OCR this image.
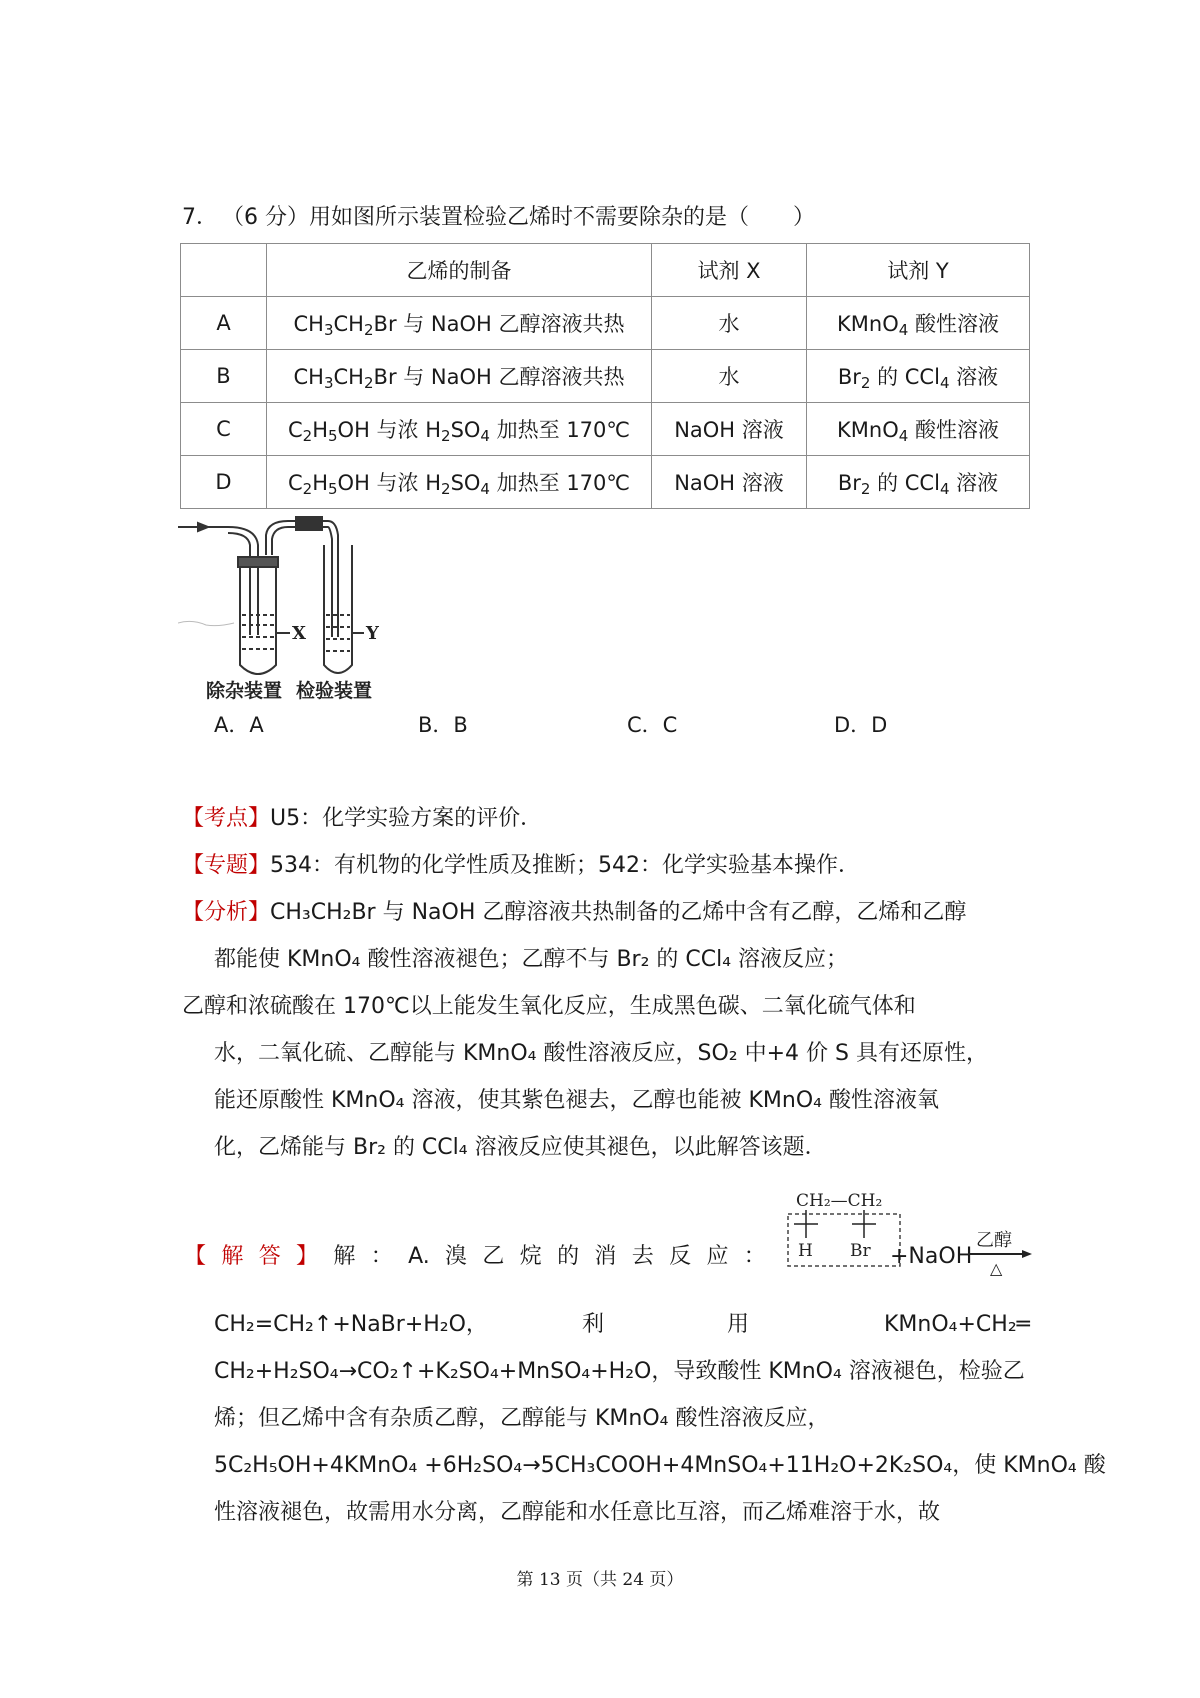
7． （6 分）用如图所示装置检验乙烯时不需要除杂的是（　　）
	乙烯的制备	试剂 X	试剂 Y
A	$CH_3CH_2Br$ 与 NaOH 乙醇溶液共热	水	KMnO$_4$ 酸性溶液
B	$CH_3CH_2Br$ 与 NaOH 乙醇溶液共热	水	$Br_2$ 的 CCl$_4$ 溶液
C	$C_2H_5OH$ 与浓 $H_2SO_4$ 加热至 170℃	NaOH 溶液	KMnO$_4$ 酸性溶液
D	$C_2H_5OH$ 与浓 $H_2SO_4$ 加热至 170℃	NaOH 溶液	$Br_2$ 的 CCl$_4$ 溶液
X	Y
除杂装置 检验装置
A．A	B．B	C．C	D．D
【考点】U5：化学实验方案的评价．
【专题】534：有机物的化学性质及推断；542：化学实验基本操作．
【分析】CH₃CH₂Br 与 NaOH 乙醇溶液共热制备的乙烯中含有乙醇，乙烯和乙醇
都能使 KMnO₄ 酸性溶液褪色；乙醇不与 Br₂ 的 CCl₄ 溶液反应；
乙醇和浓硫酸在 170℃以上能发生氧化反应，生成黑色碳、二氧化硫气体和
水，二氧化硫、乙醇能与 KMnO₄ 酸性溶液反应，SO₂ 中+4 价 S 具有还原性，
能还原酸性 KMnO₄ 溶液，使其紫色褪去，乙醇也能被 KMnO₄ 酸性溶液氧
化，乙烯能与 Br₂ 的 CCl₄ 溶液反应使其褪色，以此解答该题．
【 解 答 】 解 ： A. 溴 乙 烷 的 消 去 反 应 ：
CH₂—CH₂
H Br +NaOH
乙醇
△
CH₂=CH₂↑+NaBr+H₂O，	利	用	KMnO₄+CH₂═
CH₂+H₂SO₄→CO₂↑+K₂SO₄+MnSO₄+H₂O，导致酸性 KMnO₄ 溶液褪色，检验乙
烯；但乙烯中含有杂质乙醇，乙醇能与 KMnO₄ 酸性溶液反应，
5C₂H₅OH+4KMnO₄ +6H₂SO₄→5CH₃COOH+4MnSO₄+11H₂O+2K₂SO₄，使 KMnO₄ 酸
性溶液褪色，故需用水分离，乙醇能和水任意比互溶，而乙烯难溶于水，故
第 13 页（共 24 页）
